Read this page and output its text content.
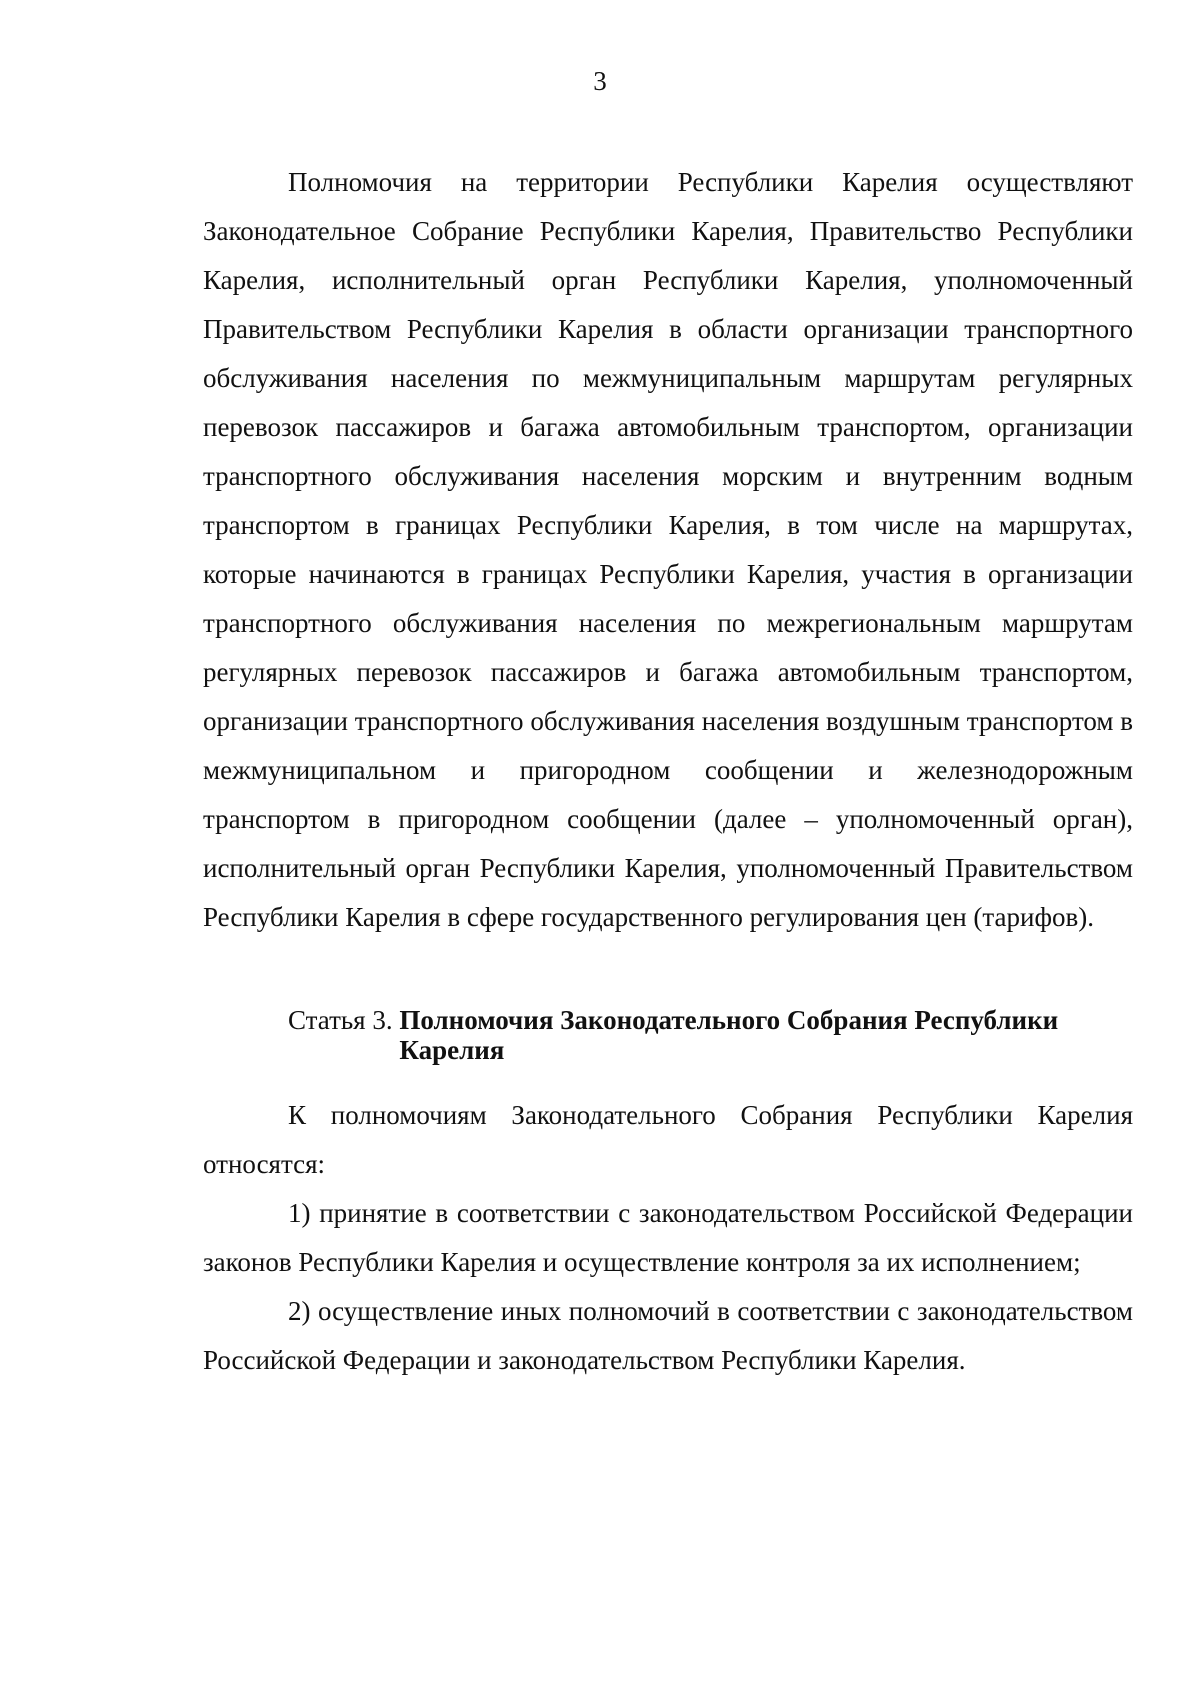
3

Полномочия на территории Республики Карелия осуществляют Законодательное Собрание Республики Карелия, Правительство Республики Карелия, исполнительный орган Республики Карелия, уполномоченный Правительством Республики Карелия в области организации транспортного обслуживания населения по межмуниципальным маршрутам регулярных перевозок пассажиров и багажа автомобильным транспортом, организации транспортного обслуживания населения морским и внутренним водным транспортом в границах Республики Карелия, в том числе на маршрутах, которые начинаются в границах Республики Карелия, участия в организации транспортного обслуживания населения по межрегиональным маршрутам регулярных перевозок пассажиров и багажа автомобильным транспортом, организации транспортного обслуживания населения воздушным транспортом в межмуниципальном и пригородном сообщении и железнодорожным транспортом в пригородном сообщении (далее – уполномоченный орган), исполнительный орган Республики Карелия, уполномоченный Правительством Республики Карелия в сфере государственного регулирования цен (тарифов).

Статья 3. Полномочия Законодательного Собрания Республики Карелия

К полномочиям Законодательного Собрания Республики Карелия относятся:

1) принятие в соответствии с законодательством Российской Федерации законов Республики Карелия и осуществление контроля за их исполнением;

2) осуществление иных полномочий в соответствии с законодательством Российской Федерации и законодательством Республики Карелия.
